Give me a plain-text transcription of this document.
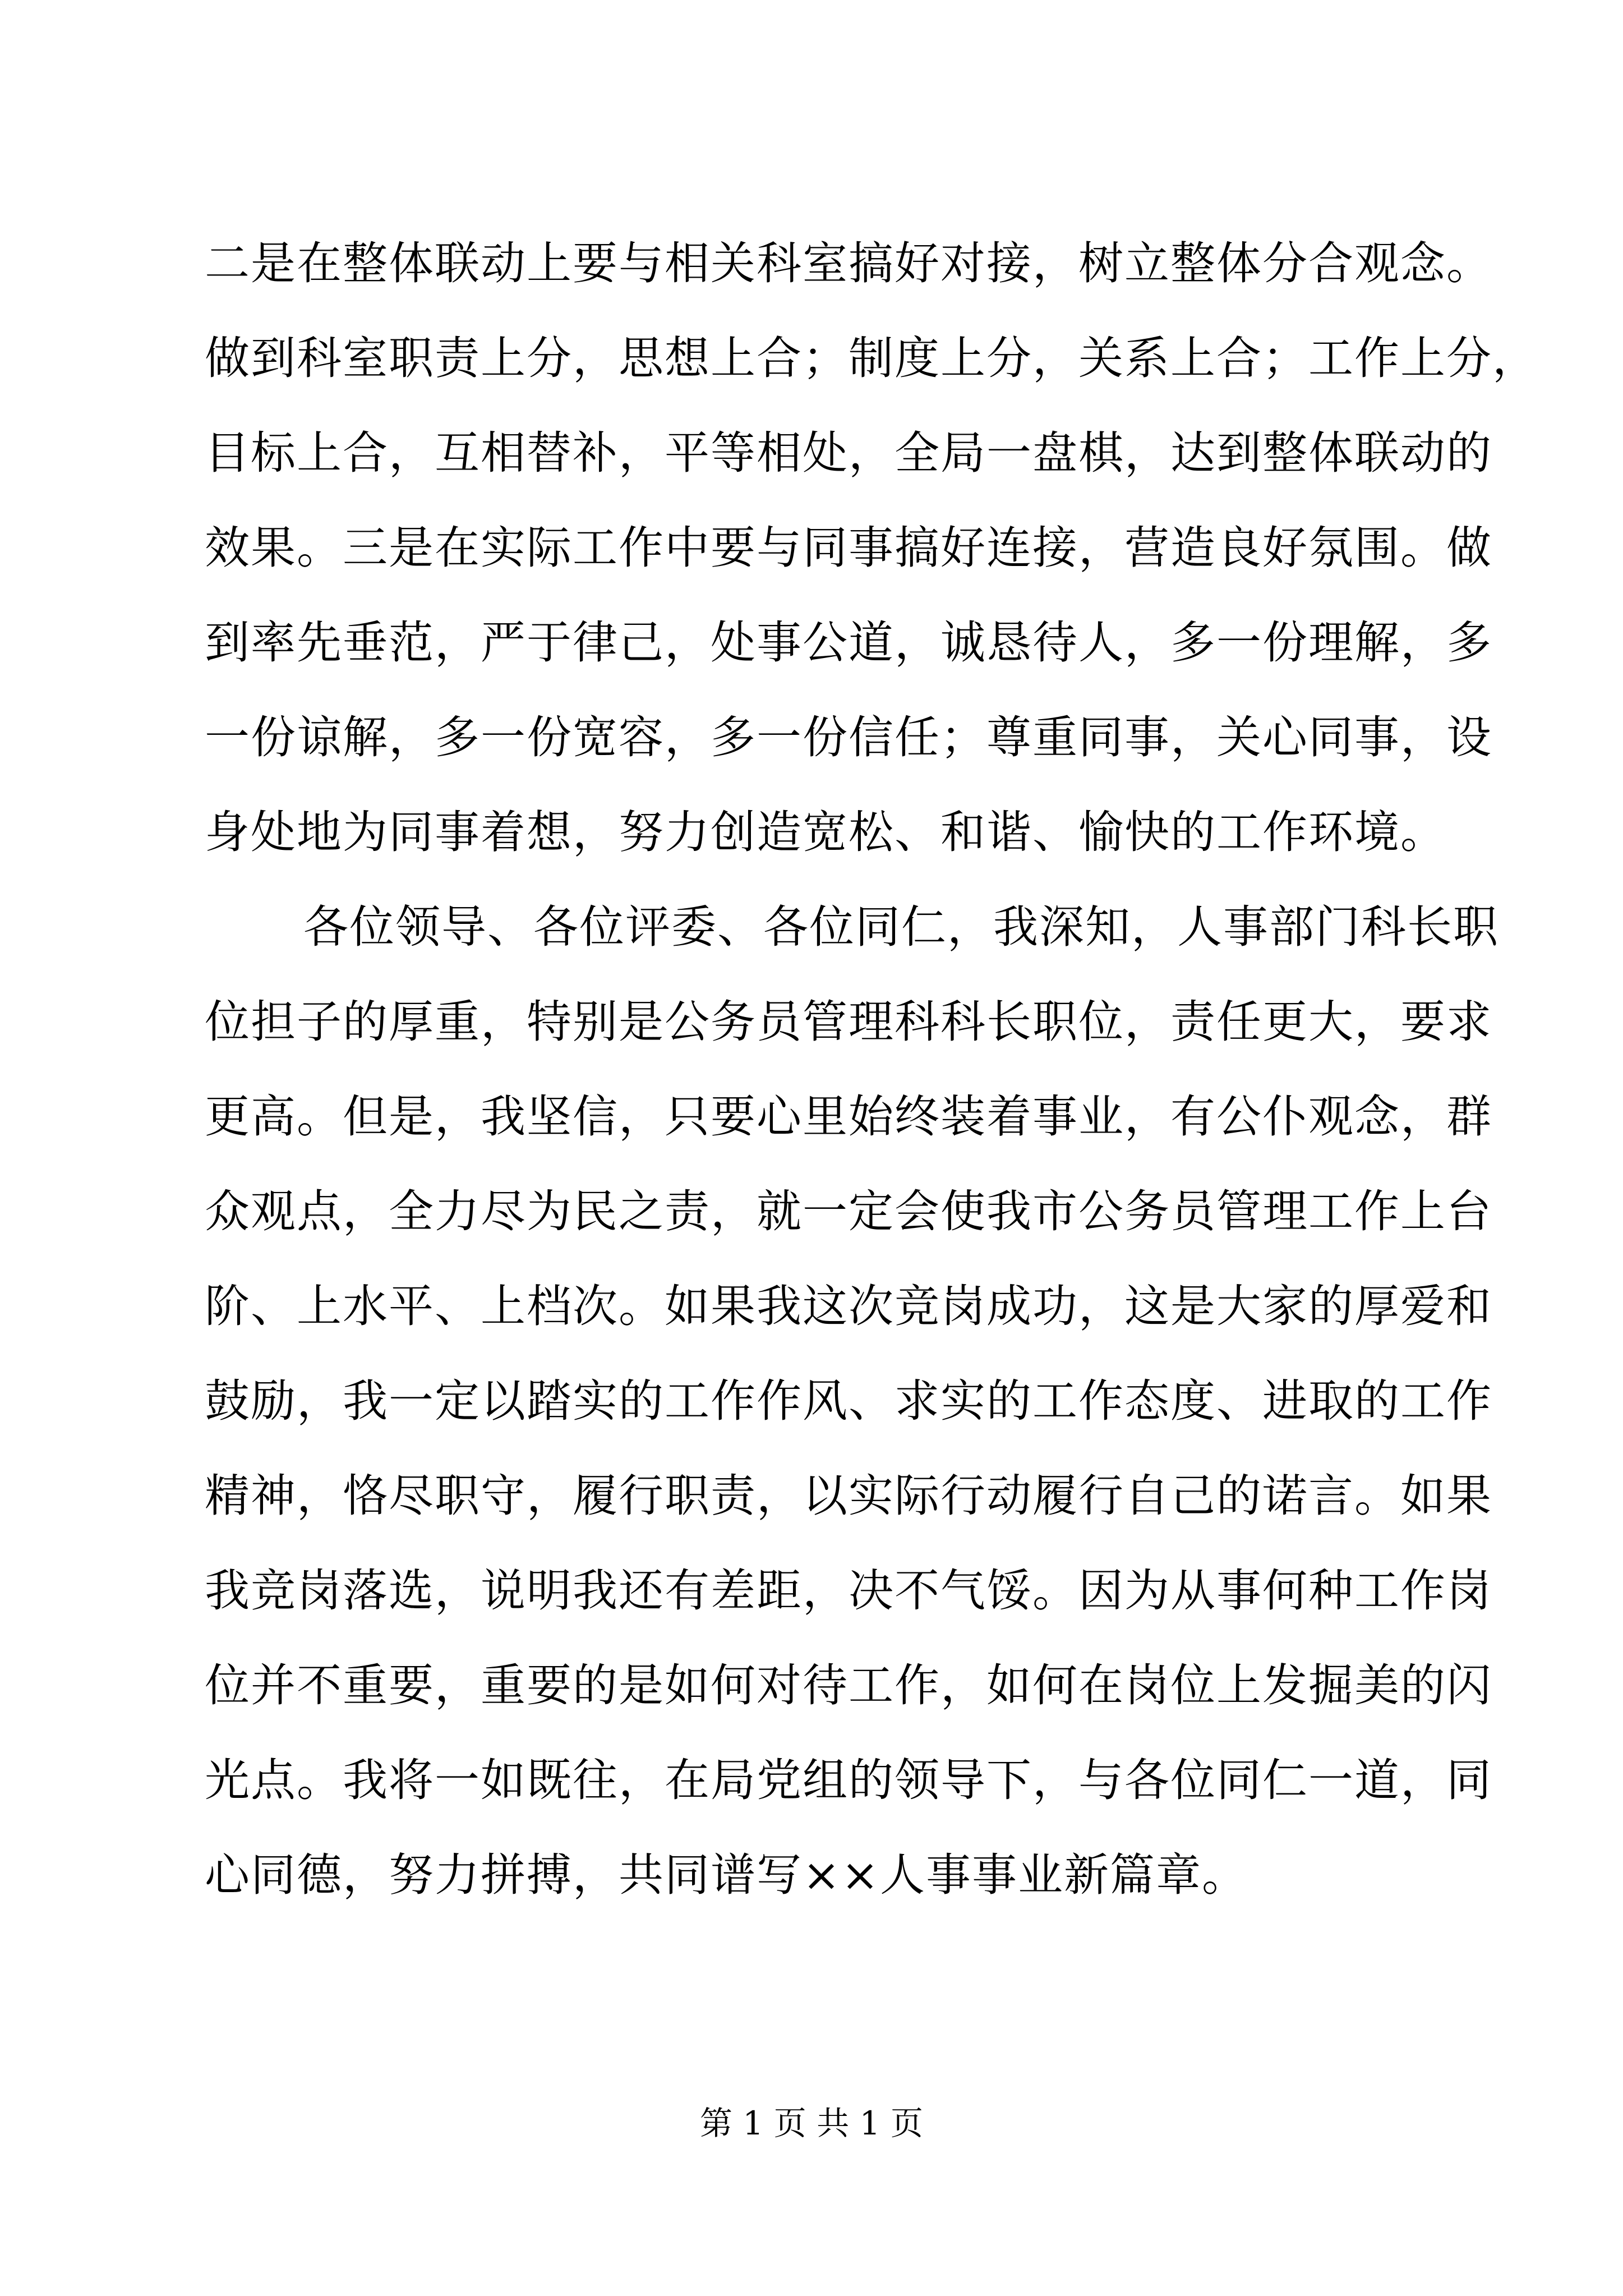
二是在整体联动上要与相关科室搞好对接，树立整体分合观念。
做到科室职责上分，思想上合；制度上分，关系上合；工作上分，
目标上合，互相替补，平等相处，全局一盘棋，达到整体联动的
效果。三是在实际工作中要与同事搞好连接，营造良好氛围。做
到率先垂范，严于律己，处事公道，诚恳待人，多一份理解，多
一份谅解，多一份宽容，多一份信任；尊重同事，关心同事，设
身处地为同事着想，努力创造宽松、和谐、愉快的工作环境。
各位领导、各位评委、各位同仁，我深知，人事部门科长职
位担子的厚重，特别是公务员管理科科长职位，责任更大，要求
更高。但是，我坚信，只要心里始终装着事业，有公仆观念，群
众观点，全力尽为民之责，就一定会使我市公务员管理工作上台
阶、上水平、上档次。如果我这次竞岗成功，这是大家的厚爱和
鼓励，我一定以踏实的工作作风、求实的工作态度、进取的工作
精神，恪尽职守，履行职责，以实际行动履行自己的诺言。如果
我竞岗落选，说明我还有差距，决不气馁。因为从事何种工作岗
位并不重要，重要的是如何对待工作，如何在岗位上发掘美的闪
光点。我将一如既往，在局党组的领导下，与各位同仁一道，同
心同德，努力拼搏，共同谱写××人事事业新篇章。
第 1 页 共 1 页
